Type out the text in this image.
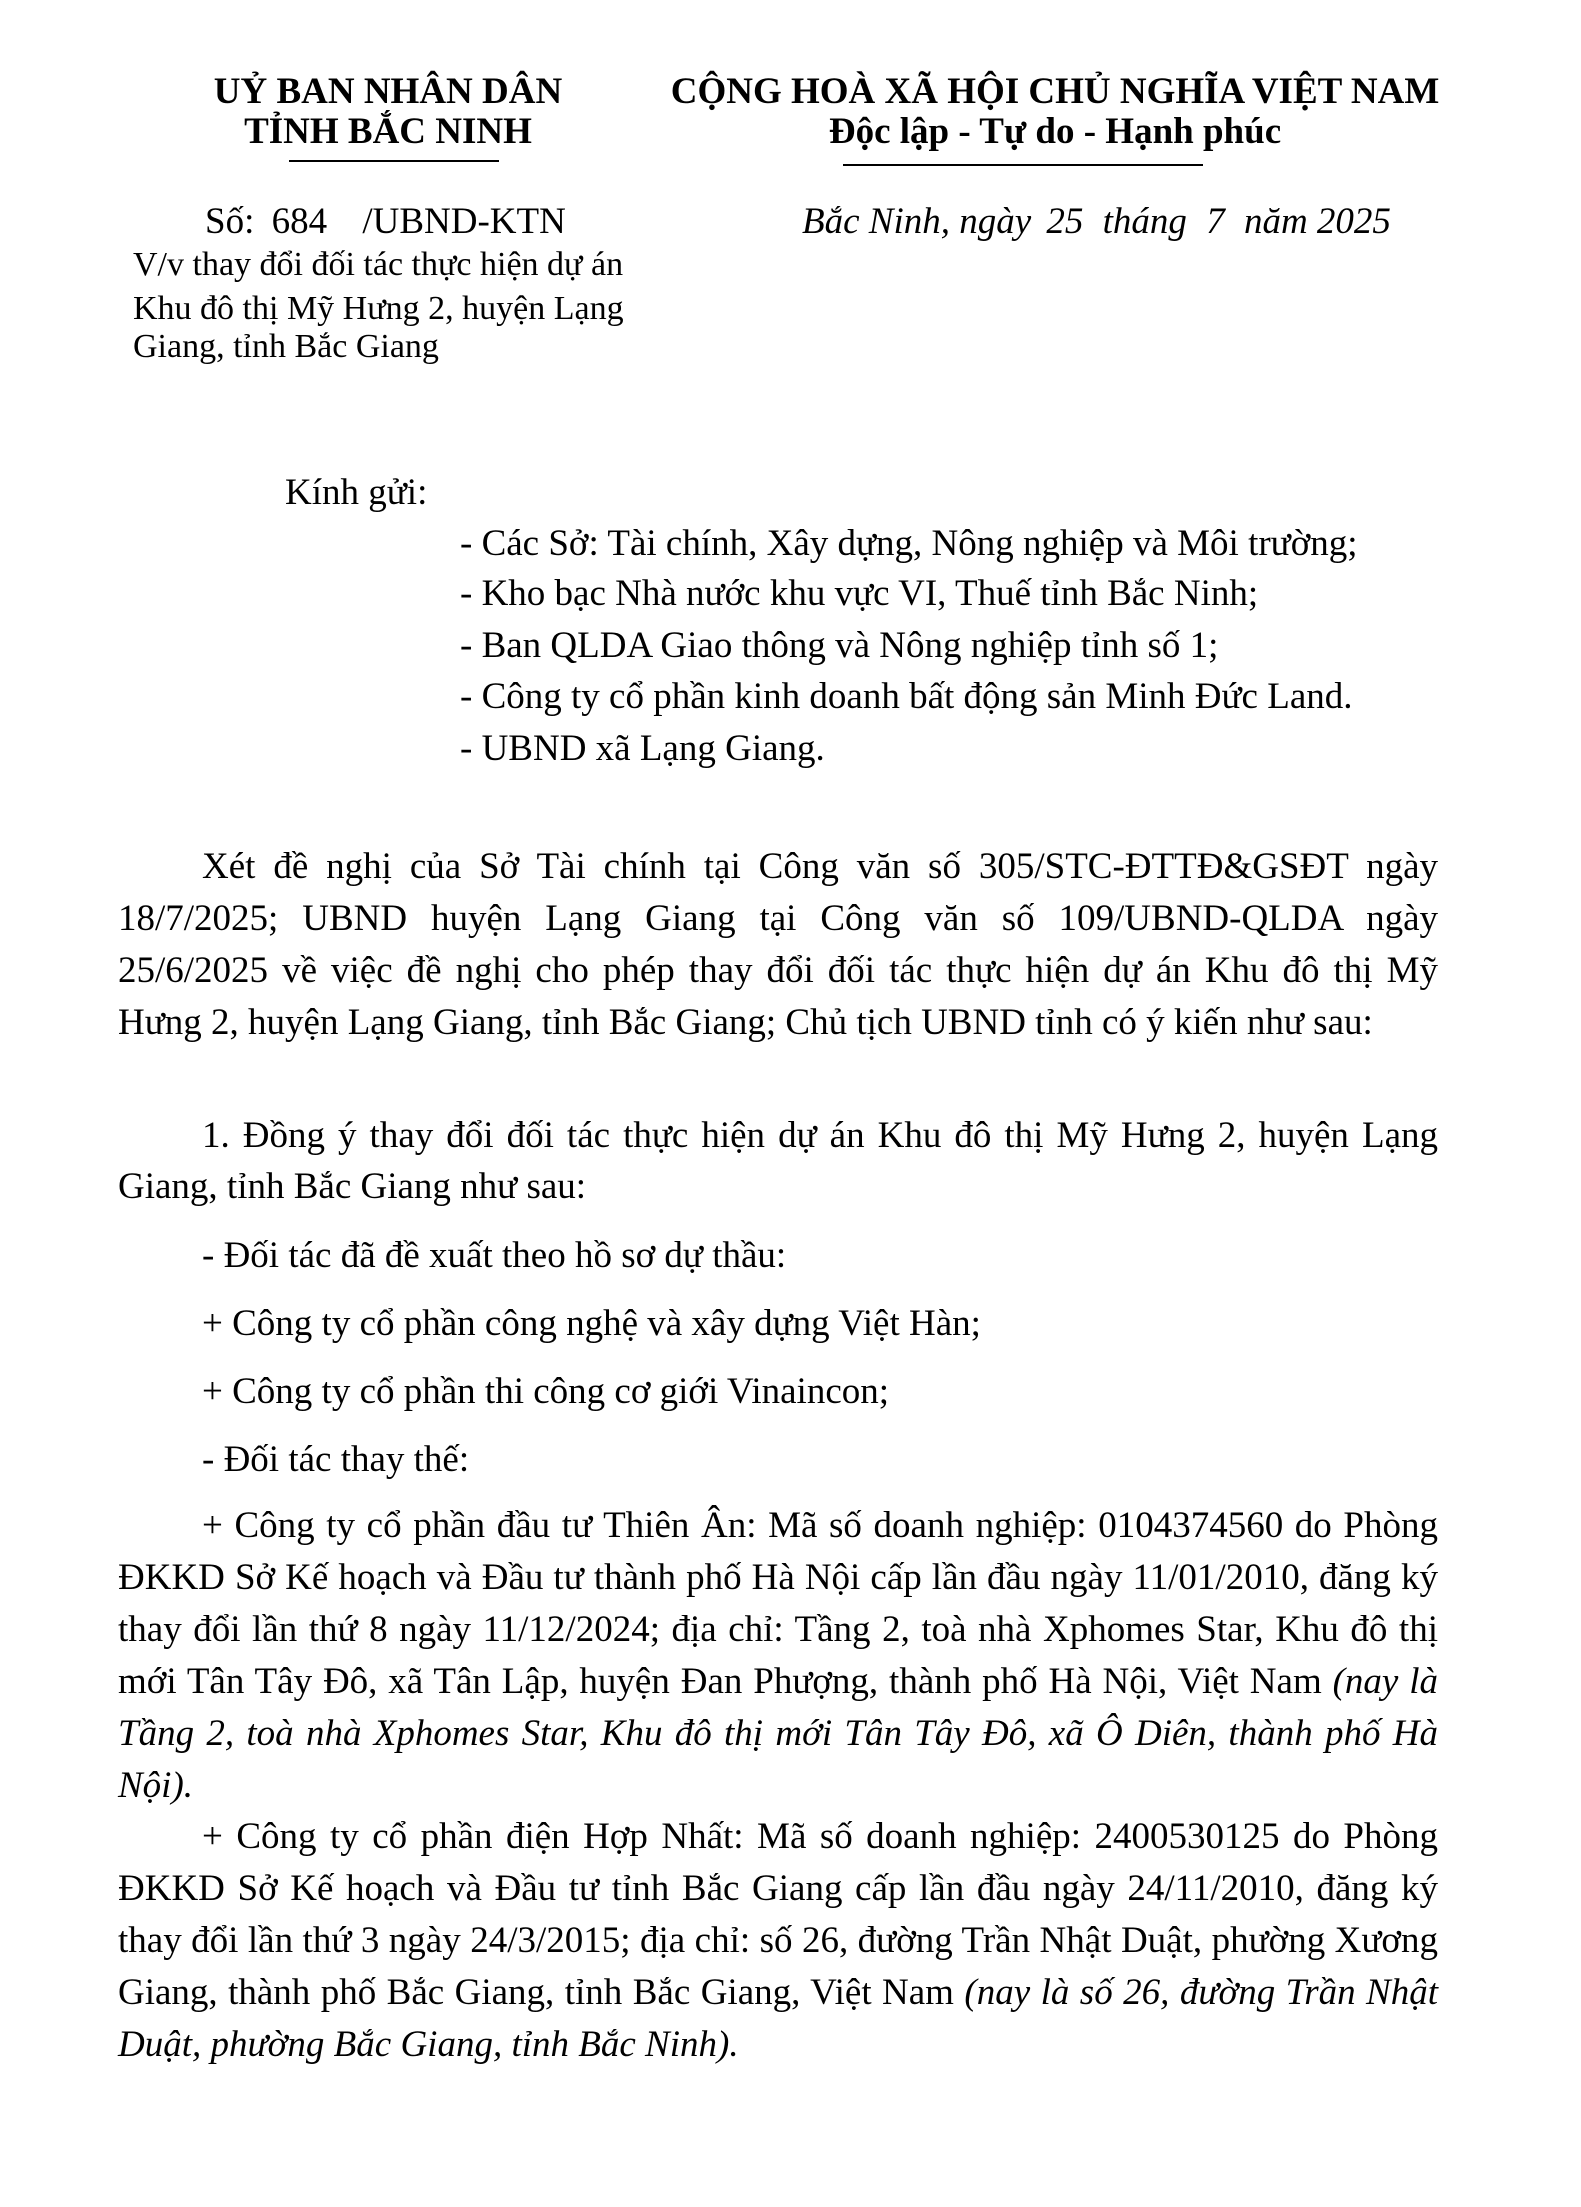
UỶ BAN NHÂN DÂN
TỈNH BẮC NINH
CỘNG HOÀ XÃ HỘI CHỦ NGHĨA VIỆT NAM
Độc lập - Tự do - Hạnh phúc
Số: 684 /UBND-KTN	Bắc Ninh, ngày 25 tháng 7 năm 2025
V/v thay đổi đối tác thực hiện dự án
Khu đô thị Mỹ Hưng 2, huyện Lạng
Giang, tỉnh Bắc Giang
Kính gửi:
- Các Sở: Tài chính, Xây dựng, Nông nghiệp và Môi trường;
- Kho bạc Nhà nước khu vực VI, Thuế tỉnh Bắc Ninh;
- Ban QLDA Giao thông và Nông nghiệp tỉnh số 1;
- Công ty cổ phần kinh doanh bất động sản Minh Đức Land.
- UBND xã Lạng Giang.
Xét đề nghị của Sở Tài chính tại Công văn số 305/STC-ĐTTĐ&GSĐT ngày 18/7/2025; UBND huyện Lạng Giang tại Công văn số 109/UBND-QLDA ngày 25/6/2025 về việc đề nghị cho phép thay đổi đối tác thực hiện dự án Khu đô thị Mỹ Hưng 2, huyện Lạng Giang, tỉnh Bắc Giang; Chủ tịch UBND tỉnh có ý kiến như sau:
1. Đồng ý thay đổi đối tác thực hiện dự án Khu đô thị Mỹ Hưng 2, huyện Lạng Giang, tỉnh Bắc Giang như sau:
- Đối tác đã đề xuất theo hồ sơ dự thầu:
+ Công ty cổ phần công nghệ và xây dựng Việt Hàn;
+ Công ty cổ phần thi công cơ giới Vinaincon;
- Đối tác thay thế:
+ Công ty cổ phần đầu tư Thiên Ân: Mã số doanh nghiệp: 0104374560 do Phòng ĐKKD Sở Kế hoạch và Đầu tư thành phố Hà Nội cấp lần đầu ngày 11/01/2010, đăng ký thay đổi lần thứ 8 ngày 11/12/2024; địa chỉ: Tầng 2, toà nhà Xphomes Star, Khu đô thị mới Tân Tây Đô, xã Tân Lập, huyện Đan Phượng, thành phố Hà Nội, Việt Nam (nay là Tầng 2, toà nhà Xphomes Star, Khu đô thị mới Tân Tây Đô, xã Ô Diên, thành phố Hà Nội).
+ Công ty cổ phần điện Hợp Nhất: Mã số doanh nghiệp: 2400530125 do Phòng ĐKKD Sở Kế hoạch và Đầu tư tỉnh Bắc Giang cấp lần đầu ngày 24/11/2010, đăng ký thay đổi lần thứ 3 ngày 24/3/2015; địa chỉ: số 26, đường Trần Nhật Duật, phường Xương Giang, thành phố Bắc Giang, tỉnh Bắc Giang, Việt Nam (nay là số 26, đường Trần Nhật Duật, phường Bắc Giang, tỉnh Bắc Ninh).
